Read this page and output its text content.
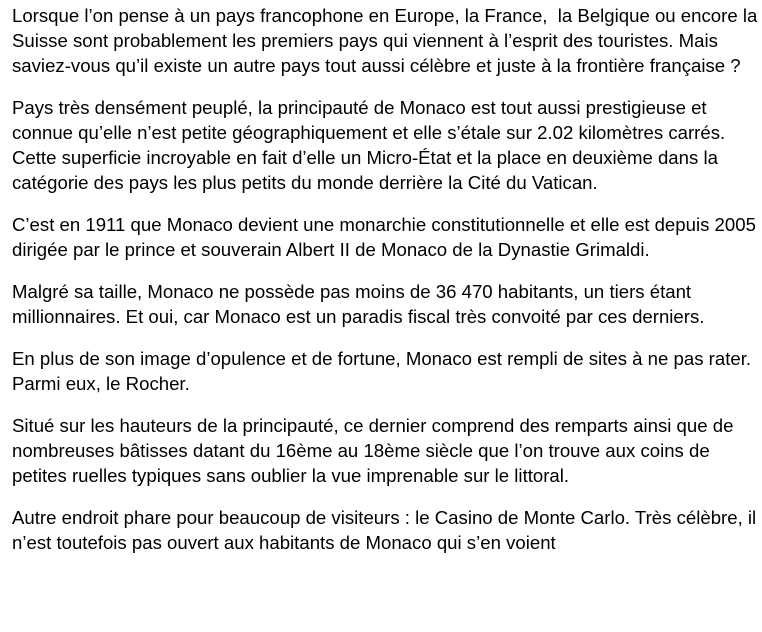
Lorsque l’on pense à un pays francophone en Europe, la France,  la Belgique ou encore la Suisse sont probablement les premiers pays qui viennent à l’esprit des touristes. Mais saviez-vous qu’il existe un autre pays tout aussi célèbre et juste à la frontière française ?

Pays très densément peuplé, la principauté de Monaco est tout aussi prestigieuse et connue qu’elle n’est petite géographiquement et elle s’étale sur 2.02 kilomètres carrés. Cette superficie incroyable en fait d’elle un Micro-État et la place en deuxième dans la catégorie des pays les plus petits du monde derrière la Cité du Vatican.

C’est en 1911 que Monaco devient une monarchie constitutionnelle et elle est depuis 2005 dirigée par le prince et souverain Albert II de Monaco de la Dynastie Grimaldi.

Malgré sa taille, Monaco ne possède pas moins de 36 470 habitants, un tiers étant millionnaires. Et oui, car Monaco est un paradis fiscal très convoité par ces derniers.

En plus de son image d’opulence et de fortune, Monaco est rempli de sites à ne pas rater. Parmi eux, le Rocher.

Situé sur les hauteurs de la principauté, ce dernier comprend des remparts ainsi que de nombreuses bâtisses datant du 16ème au 18ème siècle que l’on trouve aux coins de petites ruelles typiques sans oublier la vue imprenable sur le littoral.

Autre endroit phare pour beaucoup de visiteurs : le Casino de Monte Carlo. Très célèbre, il n’est toutefois pas ouvert aux habitants de Monaco qui s’en voient
